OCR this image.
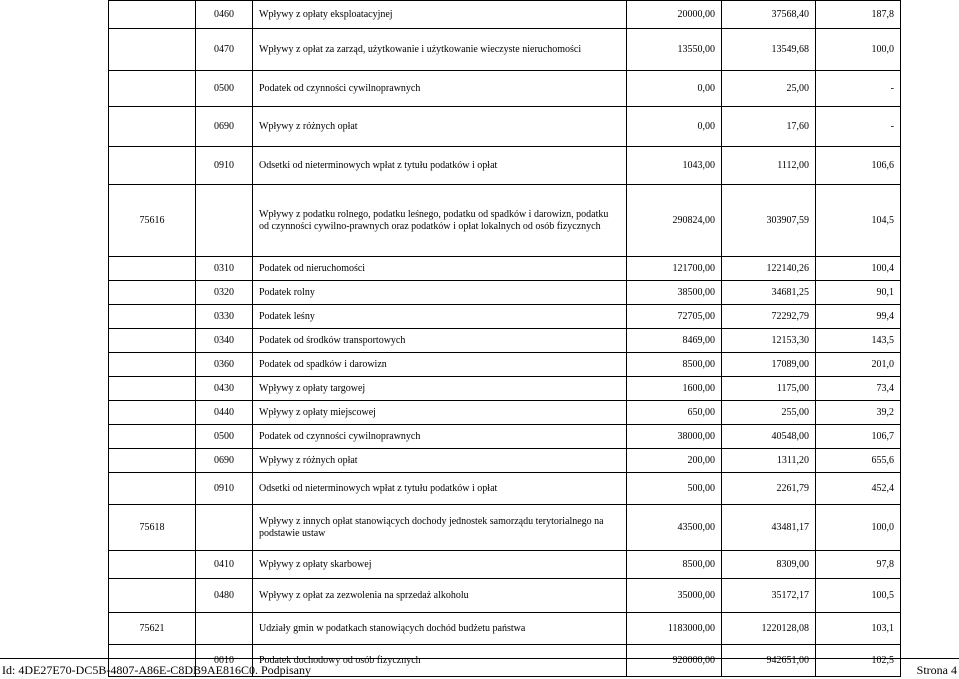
	0460	Wpływy z opłaty eksploatacyjnej	20000,00	37568,40	187,8
	0470	Wpływy z opłat za zarząd, użytkowanie i użytkowanie wieczyste nieruchomości	13550,00	13549,68	100,0
	0500	Podatek od czynności cywilnoprawnych	0,00	25,00	-
	0690	Wpływy z różnych opłat	0,00	17,60	-
	0910	Odsetki od nieterminowych wpłat z tytułu podatków i opłat	1043,00	1112,00	106,6
75616		Wpływy z podatku rolnego, podatku leśnego, podatku od spadków i darowizn, podatku od czynności cywilno-prawnych oraz podatków i opłat lokalnych od osób fizycznych	290824,00	303907,59	104,5
	0310	Podatek od nieruchomości	121700,00	122140,26	100,4
	0320	Podatek rolny	38500,00	34681,25	90,1
	0330	Podatek leśny	72705,00	72292,79	99,4
	0340	Podatek od środków transportowych	8469,00	12153,30	143,5
	0360	Podatek od spadków i darowizn	8500,00	17089,00	201,0
	0430	Wpływy z opłaty targowej	1600,00	1175,00	73,4
	0440	Wpływy z opłaty miejscowej	650,00	255,00	39,2
	0500	Podatek od czynności cywilnoprawnych	38000,00	40548,00	106,7
	0690	Wpływy z różnych opłat	200,00	1311,20	655,6
	0910	Odsetki od nieterminowych wpłat z tytułu podatków i opłat	500,00	2261,79	452,4
75618		Wpływy z innych opłat stanowiących dochody jednostek samorządu terytorialnego na podstawie ustaw	43500,00	43481,17	100,0
	0410	Wpływy z opłaty skarbowej	8500,00	8309,00	97,8
	0480	Wpływy z opłat za zezwolenia na sprzedaż alkoholu	35000,00	35172,17	100,5
75621		Udziały gmin w podatkach stanowiących dochód budżetu państwa	1183000,00	1220128,08	103,1
	0010	Podatek dochodowy od osób fizycznych	920000,00	942651,00	102,5
Id: 4DE27E70-DC5B-4807-A86E-C8DB9AE816C0. Podpisany	Strona 4
